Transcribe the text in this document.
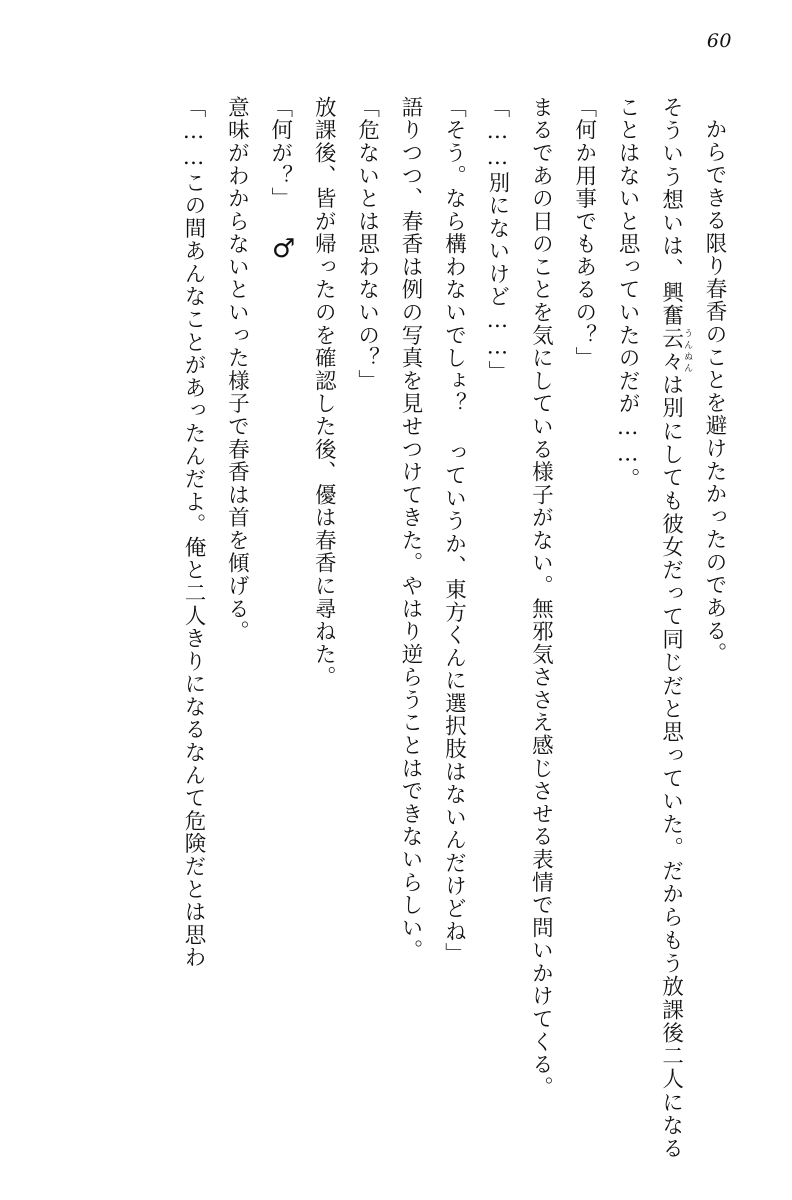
60
♂	からできる限り春香のことを避けたかったのである。
そういう想いは、興奮云々うんぬんは別にしても彼女だって同じだと思っていた。だからもう放課後二人になることはないと思っていたのだが……。
「何か用事でもあるの？」
まるであの日のことを気にしている様子がない。無邪気ささえ感じさせる表情で問いかけてくる。
「……別にないけど……」
「そう。なら構わないでしょ？ っていうか、東方くんに選択肢はないんだけどね」
語りつつ、春香は例の写真を見せつけてきた。やはり逆らうことはできないらしい。
「危ないとは思わないの？」
放課後、皆が帰ったのを確認した後、優は春香に尋ねた。
「何が？」
意味がわからないといった様子で春香は首を傾げる。
「……この間あんなことがあったんだよ。俺と二人きりになるなんて危険だとは思わ
